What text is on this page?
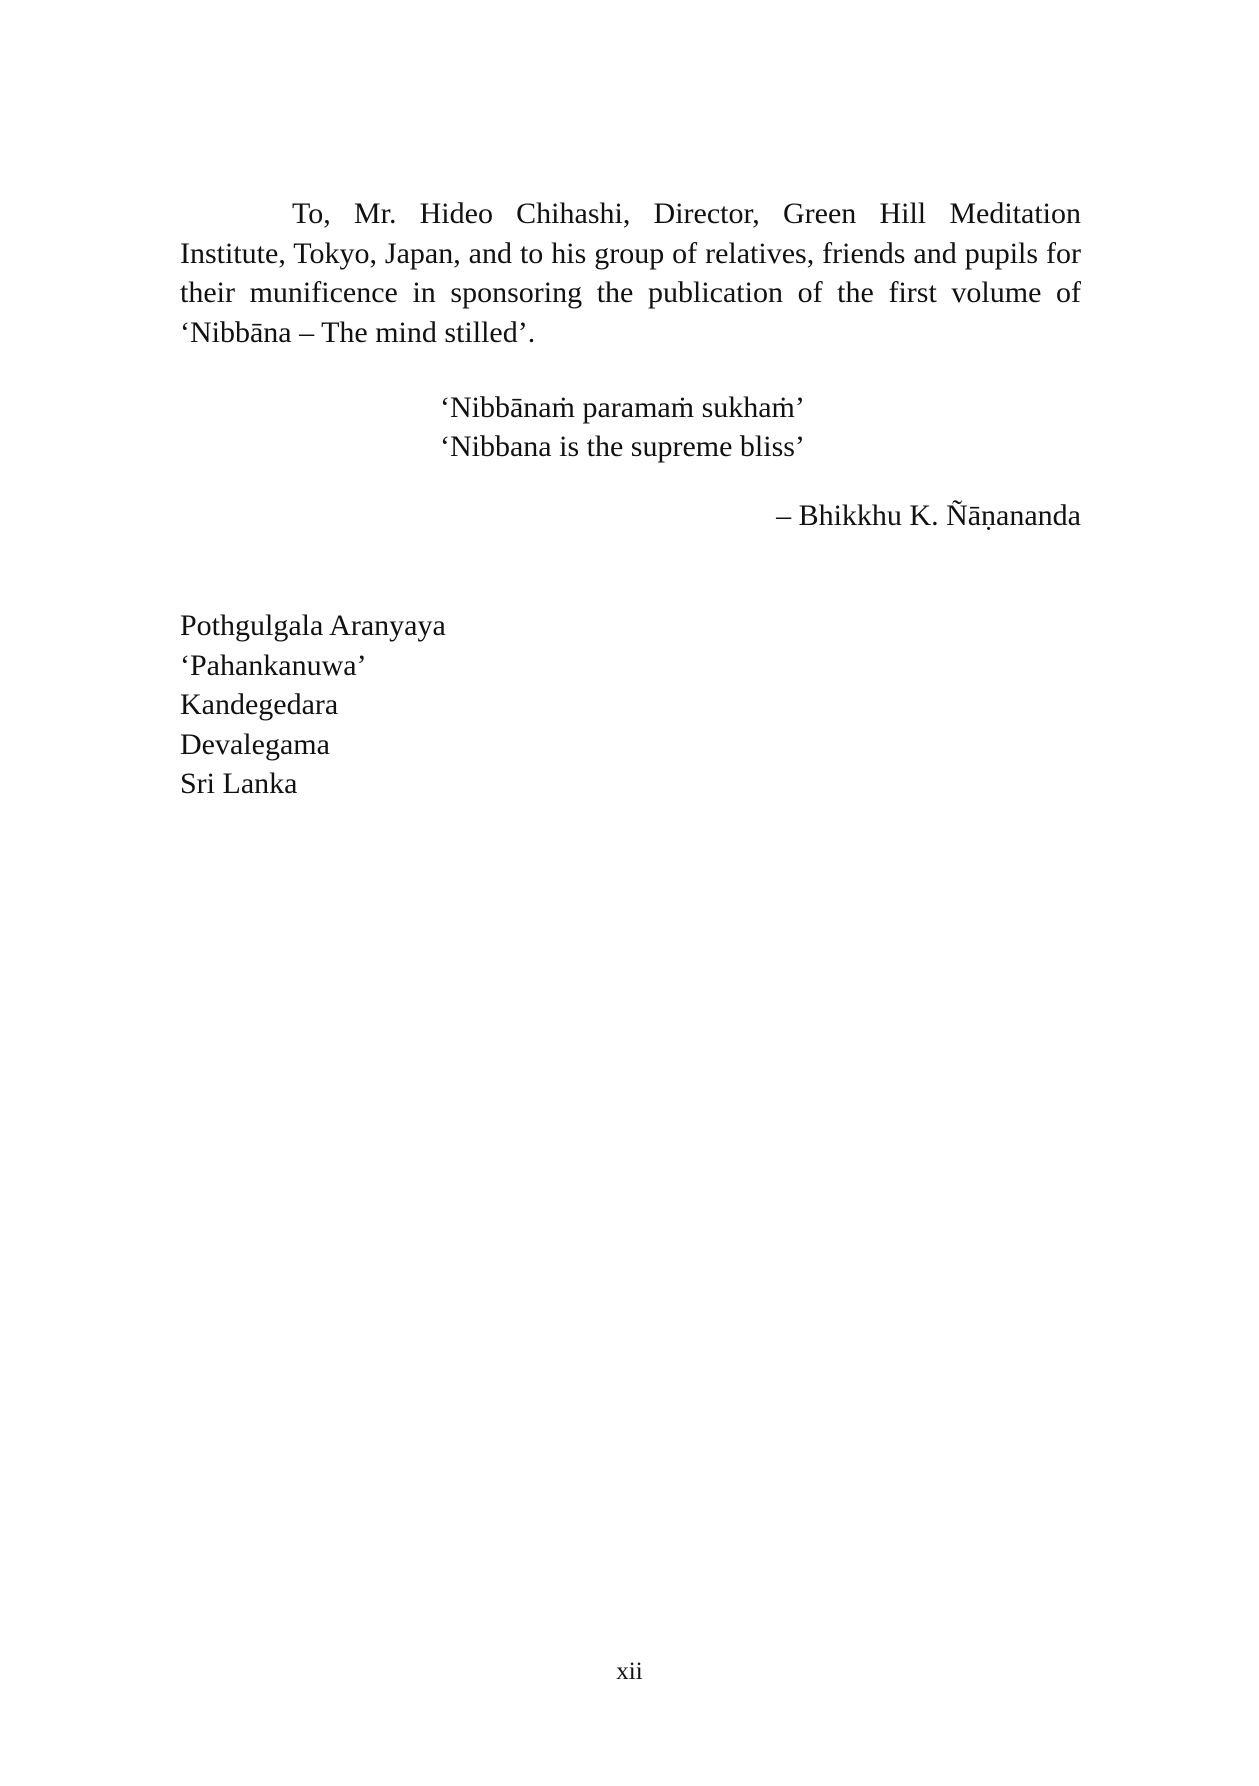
To, Mr. Hideo Chihashi, Director, Green Hill Meditation Institute, Tokyo, Japan, and to his group of relatives, friends and pupils for their munificence in sponsoring the publication of the first volume of ‘Nibbāna – The mind stilled’.

‘Nibbānaṁ paramaṁ sukhaṁ’
‘Nibbana is the supreme bliss’
– Bhikkhu K. Ñāṇananda
Pothgulgala Aranyaya
‘Pahankanuwa’
Kandegedara
Devalegama
Sri Lanka
xii
